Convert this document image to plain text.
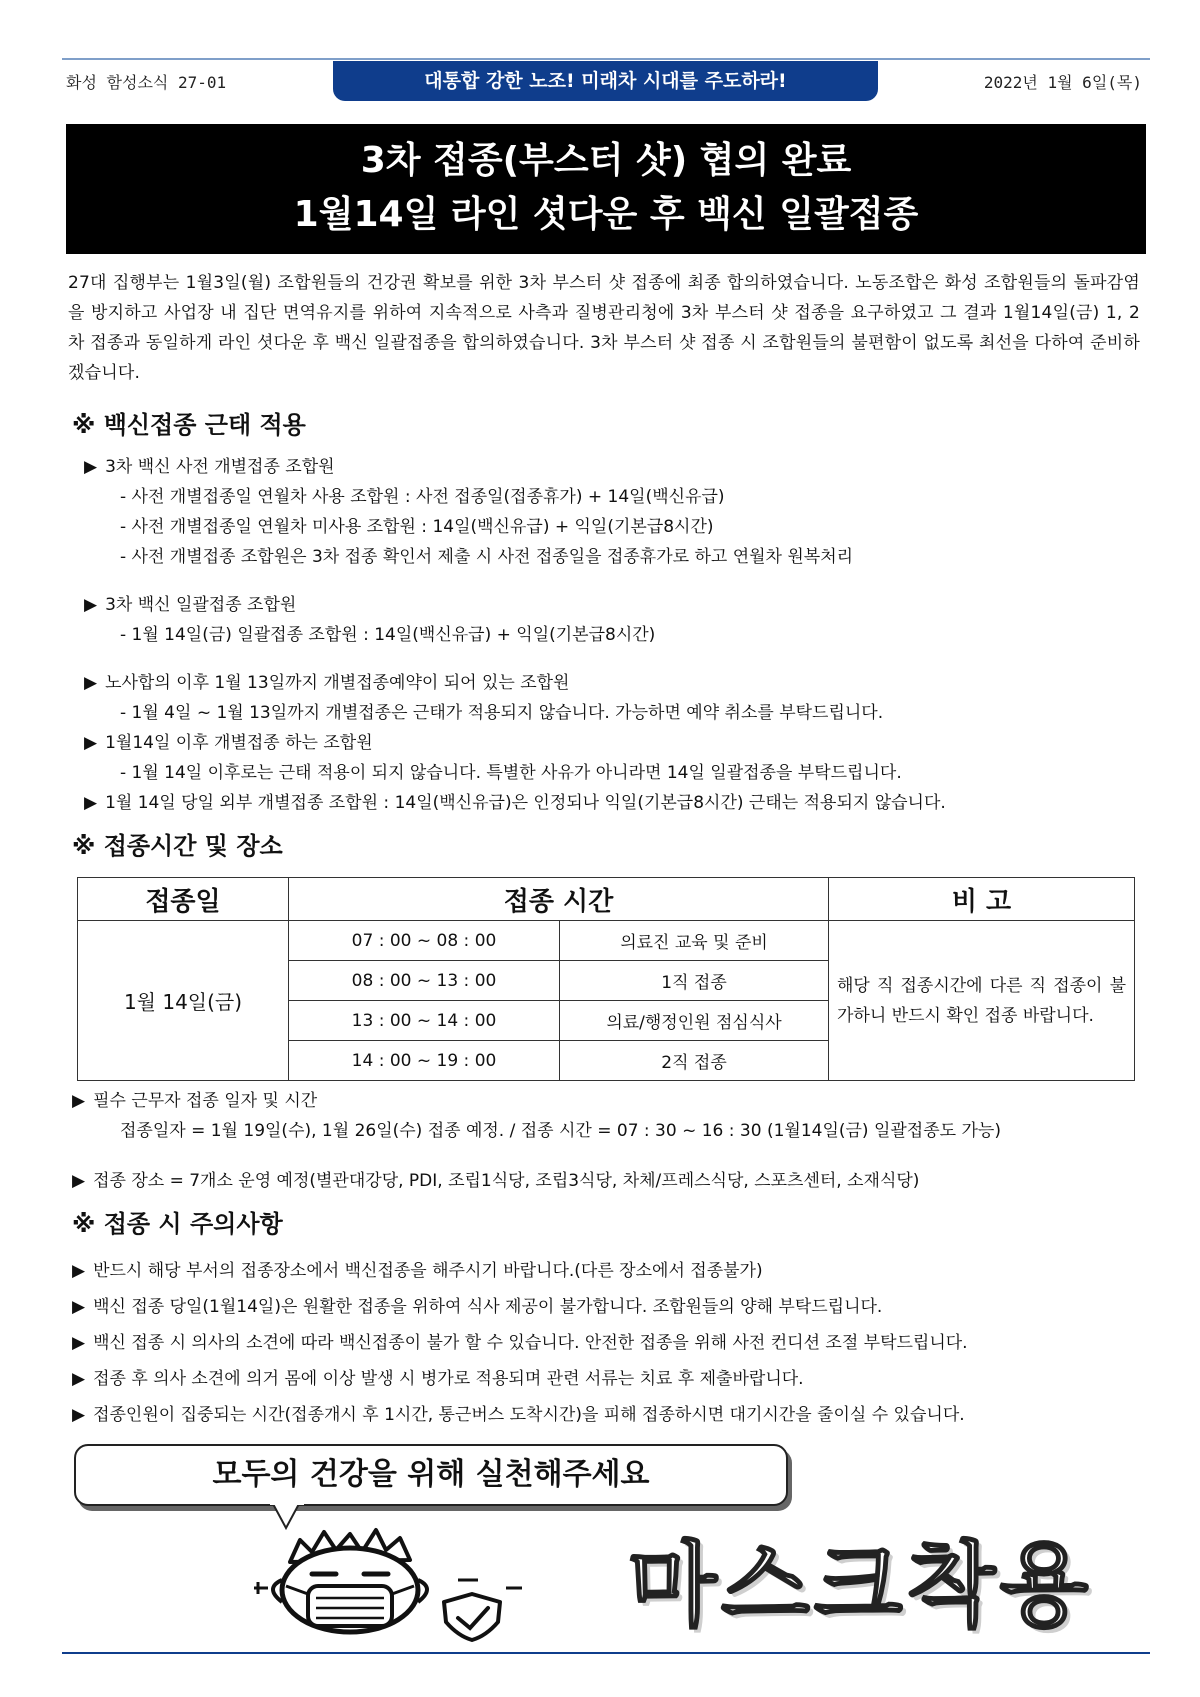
화성 함성소식 27-01	대통합 강한 노조! 미래차 시대를 주도하라!	2022년 1월 6일(목)
3차 접종(부스터 샷) 협의 완료
1월14일 라인 셧다운 후 백신 일괄접종
27대 집행부는 1월3일(월) 조합원들의 건강권 확보를 위한 3차 부스터 샷 접종에 최종 합의하였습니다. 노동조합은 화성 조합원들의 돌파감염을 방지하고 사업장 내 집단 면역유지를 위하여 지속적으로 사측과 질병관리청에 3차 부스터 샷 접종을 요구하였고 그 결과 1월14일(금) 1, 2차 접종과 동일하게 라인 셧다운 후 백신 일괄접종을 합의하였습니다. 3차 부스터 샷 접종 시 조합원들의 불편함이 없도록 최선을 다하여 준비하겠습니다.
※ 백신접종 근태 적용
▶ 3차 백신 사전 개별접종 조합원
- 사전 개별접종일 연월차 사용 조합원 : 사전 접종일(접종휴가) + 14일(백신유급)
- 사전 개별접종일 연월차 미사용 조합원 : 14일(백신유급) + 익일(기본급8시간)
- 사전 개별접종 조합원은 3차 접종 확인서 제출 시 사전 접종일을 접종휴가로 하고 연월차 원복처리
▶ 3차 백신 일괄접종 조합원
- 1월 14일(금) 일괄접종 조합원 : 14일(백신유급) + 익일(기본급8시간)
▶ 노사합의 이후 1월 13일까지 개별접종예약이 되어 있는 조합원
- 1월 4일 ~ 1월 13일까지 개별접종은 근태가 적용되지 않습니다. 가능하면 예약 취소를 부탁드립니다.
▶ 1월14일 이후 개별접종 하는 조합원
- 1월 14일 이후로는 근태 적용이 되지 않습니다. 특별한 사유가 아니라면 14일 일괄접종을 부탁드립니다.
▶ 1월 14일 당일 외부 개별접종 조합원 : 14일(백신유급)은 인정되나 익일(기본급8시간) 근태는 적용되지 않습니다.
※ 접종시간 및 장소
접종일	접종 시간		비 고
1월 14일(금)	07 : 00 ~ 08 : 00	의료진 교육 및 준비	해당 직 접종시간에 다른 직 접종이 불가하니 반드시 확인 접종 바랍니다.
	08 : 00 ~ 13 : 00	1직 접종	
	13 : 00 ~ 14 : 00	의료/행정인원 점심식사	
	14 : 00 ~ 19 : 00	2직 접종	
▶ 필수 근무자 접종 일자 및 시간
접종일자 = 1월 19일(수), 1월 26일(수) 접종 예정. / 접종 시간 = 07 : 30 ~ 16 : 30 (1월14일(금) 일괄접종도 가능)
▶ 접종 장소 = 7개소 운영 예정(별관대강당, PDI, 조립1식당, 조립3식당, 차체/프레스식당, 스포츠센터, 소재식당)
※ 접종 시 주의사항
▶ 반드시 해당 부서의 접종장소에서 백신접종을 해주시기 바랍니다.(다른 장소에서 접종불가)
▶ 백신 접종 당일(1월14일)은 원활한 접종을 위하여 식사 제공이 불가합니다. 조합원들의 양해 부탁드립니다.
▶ 백신 접종 시 의사의 소견에 따라 백신접종이 불가 할 수 있습니다. 안전한 접종을 위해 사전 컨디션 조절 부탁드립니다.
▶ 접종 후 의사 소견에 의거 몸에 이상 발생 시 병가로 적용되며 관련 서류는 치료 후 제출바랍니다.
▶ 접종인원이 집중되는 시간(접종개시 후 1시간, 통근버스 도착시간)을 피해 접종하시면 대기시간을 줄이실 수 있습니다.
모두의 건강을 위해 실천해주세요
마스크착용
